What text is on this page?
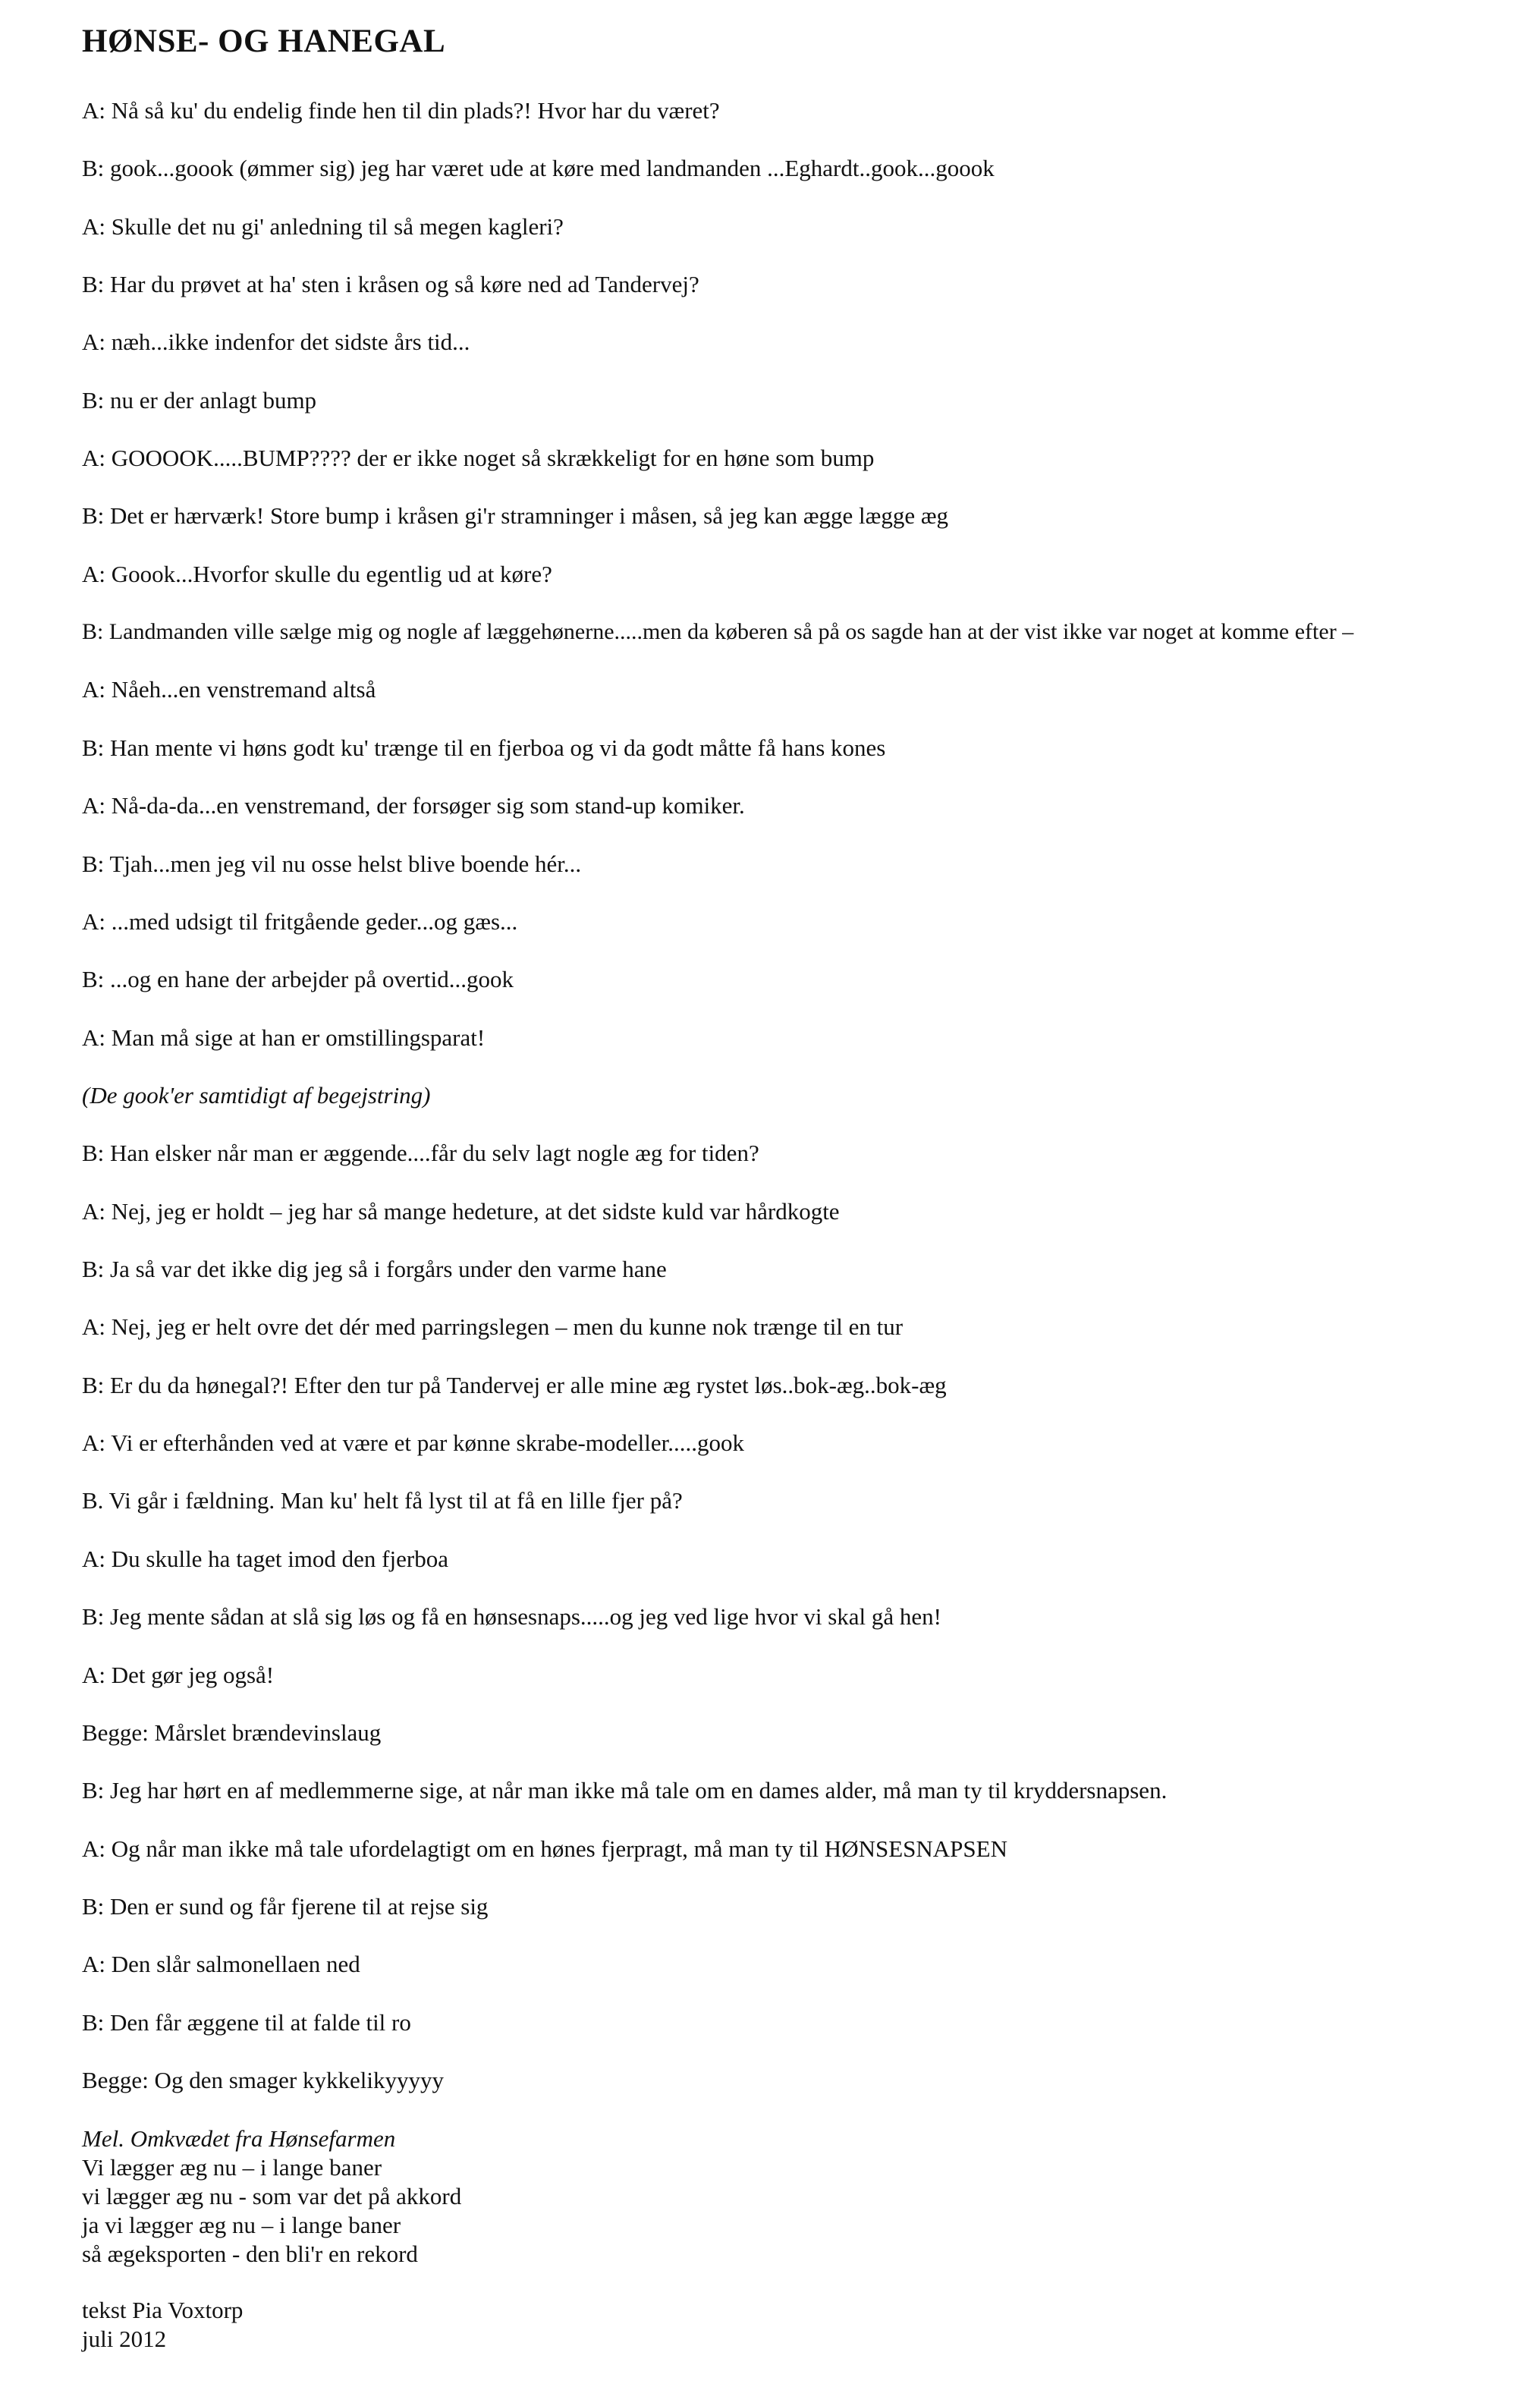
HØNSE- OG HANEGAL

A: Nå så ku' du endelig finde hen til din plads?! Hvor har du været?

B: gook...goook (ømmer sig) jeg har været ude at køre med landmanden ...Eghardt..gook...goook

A: Skulle det nu gi' anledning til så megen kagleri?

B: Har du prøvet at ha' sten i kråsen og så køre ned ad Tandervej?

A: næh...ikke indenfor det sidste års tid...

B: nu er der anlagt bump

A: GOOOOK.....BUMP???? der er ikke noget så skrækkeligt for en høne som bump

B: Det er hærværk! Store bump i kråsen gi'r stramninger i måsen, så jeg kan ægge lægge æg

A: Goook...Hvorfor skulle du egentlig ud at køre?

B: Landmanden ville sælge mig og nogle af læggehønerne.....men da køberen så på os sagde han at der vist ikke var noget at komme efter –

A: Nåeh...en venstremand altså

B: Han mente vi høns godt ku' trænge til en fjerboa og vi da godt måtte få hans kones

A: Nå-da-da...en venstremand, der forsøger sig som stand-up komiker.

B: Tjah...men jeg vil nu osse helst blive boende hér...

A: ...med udsigt til fritgående geder...og gæs...

B: ...og en hane der arbejder på overtid...gook

A: Man må sige at han er omstillingsparat!

(De gook'er samtidigt af begejstring)

B: Han elsker når man er æggende....får du selv lagt nogle æg for tiden?

A: Nej, jeg er holdt – jeg har så mange hedeture, at det sidste kuld var hårdkogte

B: Ja så var det ikke dig jeg så i forgårs under den varme hane

A: Nej, jeg er helt ovre det dér med parringslegen – men du kunne nok trænge til en tur

B: Er du da hønegal?! Efter den tur på Tandervej er alle mine æg rystet løs..bok-æg..bok-æg

A: Vi er efterhånden ved at være et par kønne skrabe-modeller.....gook

B. Vi går i fældning. Man ku' helt få lyst til at få en lille fjer på?

A: Du skulle ha taget imod den fjerboa

B: Jeg mente sådan at slå sig løs og få en hønsesnaps.....og jeg ved lige hvor vi skal gå hen!

A: Det gør jeg også!

Begge: Mårslet brændevinslaug

B: Jeg har hørt en af medlemmerne sige, at når man ikke må tale om en dames alder, må man ty til kryddersnapsen.

A: Og når man ikke må tale ufordelagtigt om en hønes fjerpragt, må man ty til HØNSESNAPSEN

B: Den er sund og får fjerene til at rejse sig

A: Den slår salmonellaen ned

B: Den får æggene til at falde til ro

Begge: Og den smager kykkelikyyyyy

Mel. Omkvædet fra Hønsefarmen

Vi lægger æg nu – i lange baner

vi lægger æg nu - som var det på akkord

ja vi lægger æg nu – i lange baner

så ægeksporten - den bli'r en rekord

tekst Pia Voxtorp

juli 2012
